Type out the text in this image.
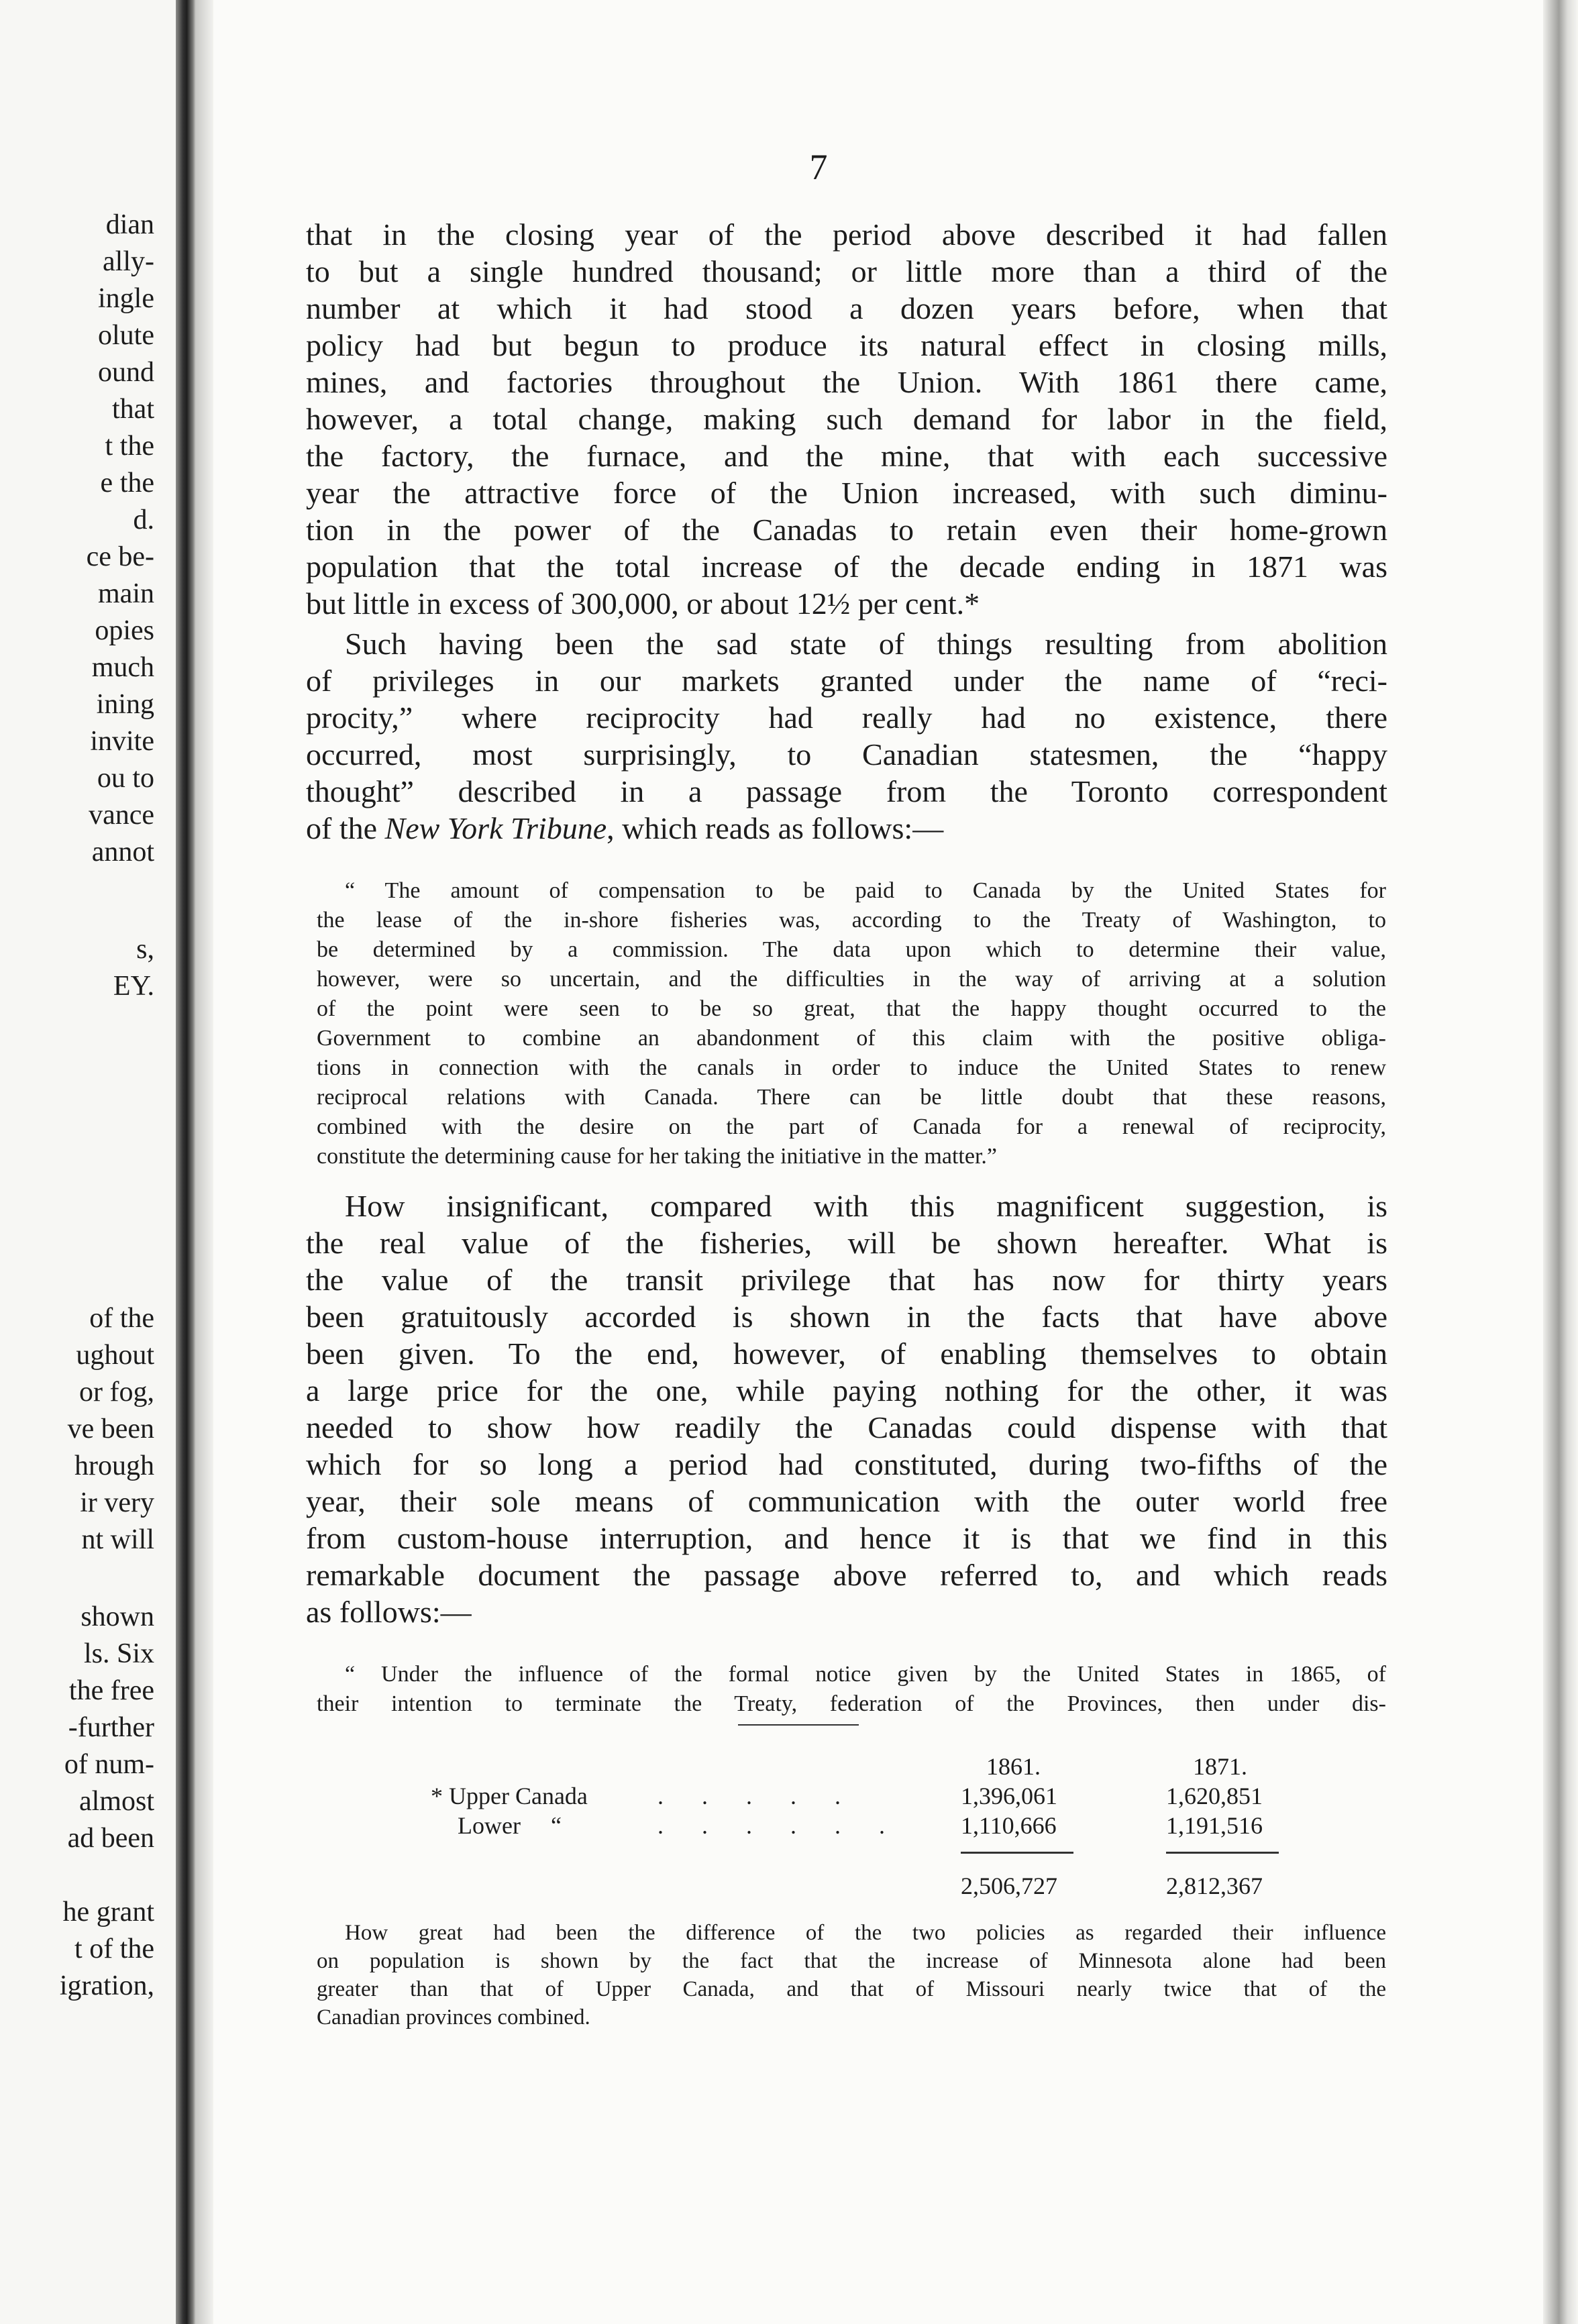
dian
ally-
ingle
olute
ound
that
t the
e the
d.
ce be-
main
opies
much
ining
invite
ou to
vance
annot
s,
EY.
of the
ughout
or fog,
ve been
hrough
ir very
nt will
shown
ls. Six
the free
-further
of num-
almost
ad been
he grant
t of the
igration,
7
that in the closing year of the period above described it had fallen
to but a single hundred thousand; or little more than a third of the
number at which it had stood a dozen years before, when that
policy had but begun to produce its natural effect in closing mills,
mines, and factories throughout the Union. With 1861 there came,
however, a total change, making such demand for labor in the field,
the factory, the furnace, and the mine, that with each successive
year the attractive force of the Union increased, with such diminu-
tion in the power of the Canadas to retain even their home-grown
population that the total increase of the decade ending in 1871 was
but little in excess of 300,000, or about 12½ per cent.*
Such having been the sad state of things resulting from abolition
of privileges in our markets granted under the name of “reci-
procity,” where reciprocity had really had no existence, there
occurred, most surprisingly, to Canadian statesmen, the “happy
thought” described in a passage from the Toronto correspondent
of the New York Tribune, which reads as follows:—
“ The amount of compensation to be paid to Canada by the United States for
the lease of the in-shore fisheries was, according to the Treaty of Washington, to
be determined by a commission. The data upon which to determine their value,
however, were so uncertain, and the difficulties in the way of arriving at a solution
of the point were seen to be so great, that the happy thought occurred to the
Government to combine an abandonment of this claim with the positive obliga-
tions in connection with the canals in order to induce the United States to renew
reciprocal relations with Canada. There can be little doubt that these reasons,
combined with the desire on the part of Canada for a renewal of reciprocity,
constitute the determining cause for her taking the initiative in the matter.”
How insignificant, compared with this magnificent suggestion, is
the real value of the fisheries, will be shown hereafter. What is
the value of the transit privilege that has now for thirty years
been gratuitously accorded is shown in the facts that have above
been given. To the end, however, of enabling themselves to obtain
a large price for the one, while paying nothing for the other, it was
needed to show how readily the Canadas could dispense with that
which for so long a period had constituted, during two-fifths of the
year, their sole means of communication with the outer world free
from custom-house interruption, and hence it is that we find in this
remarkable document the passage above referred to, and which reads
as follows:—
“ Under the influence of the formal notice given by the United States in 1865, of
their intention to terminate the Treaty, federation of the Provinces, then under dis-
1861.	1871.
* Upper Canada	. . . . .	1,396,061	1,620,851
Lower     “	. . . . . . 1,110,666	1,191,516
2,506,727	2,812,367
How great had been the difference of the two policies as regarded their influence
on population is shown by the fact that the increase of Minnesota alone had been
greater than that of Upper Canada, and that of Missouri nearly twice that of the
Canadian provinces combined.
